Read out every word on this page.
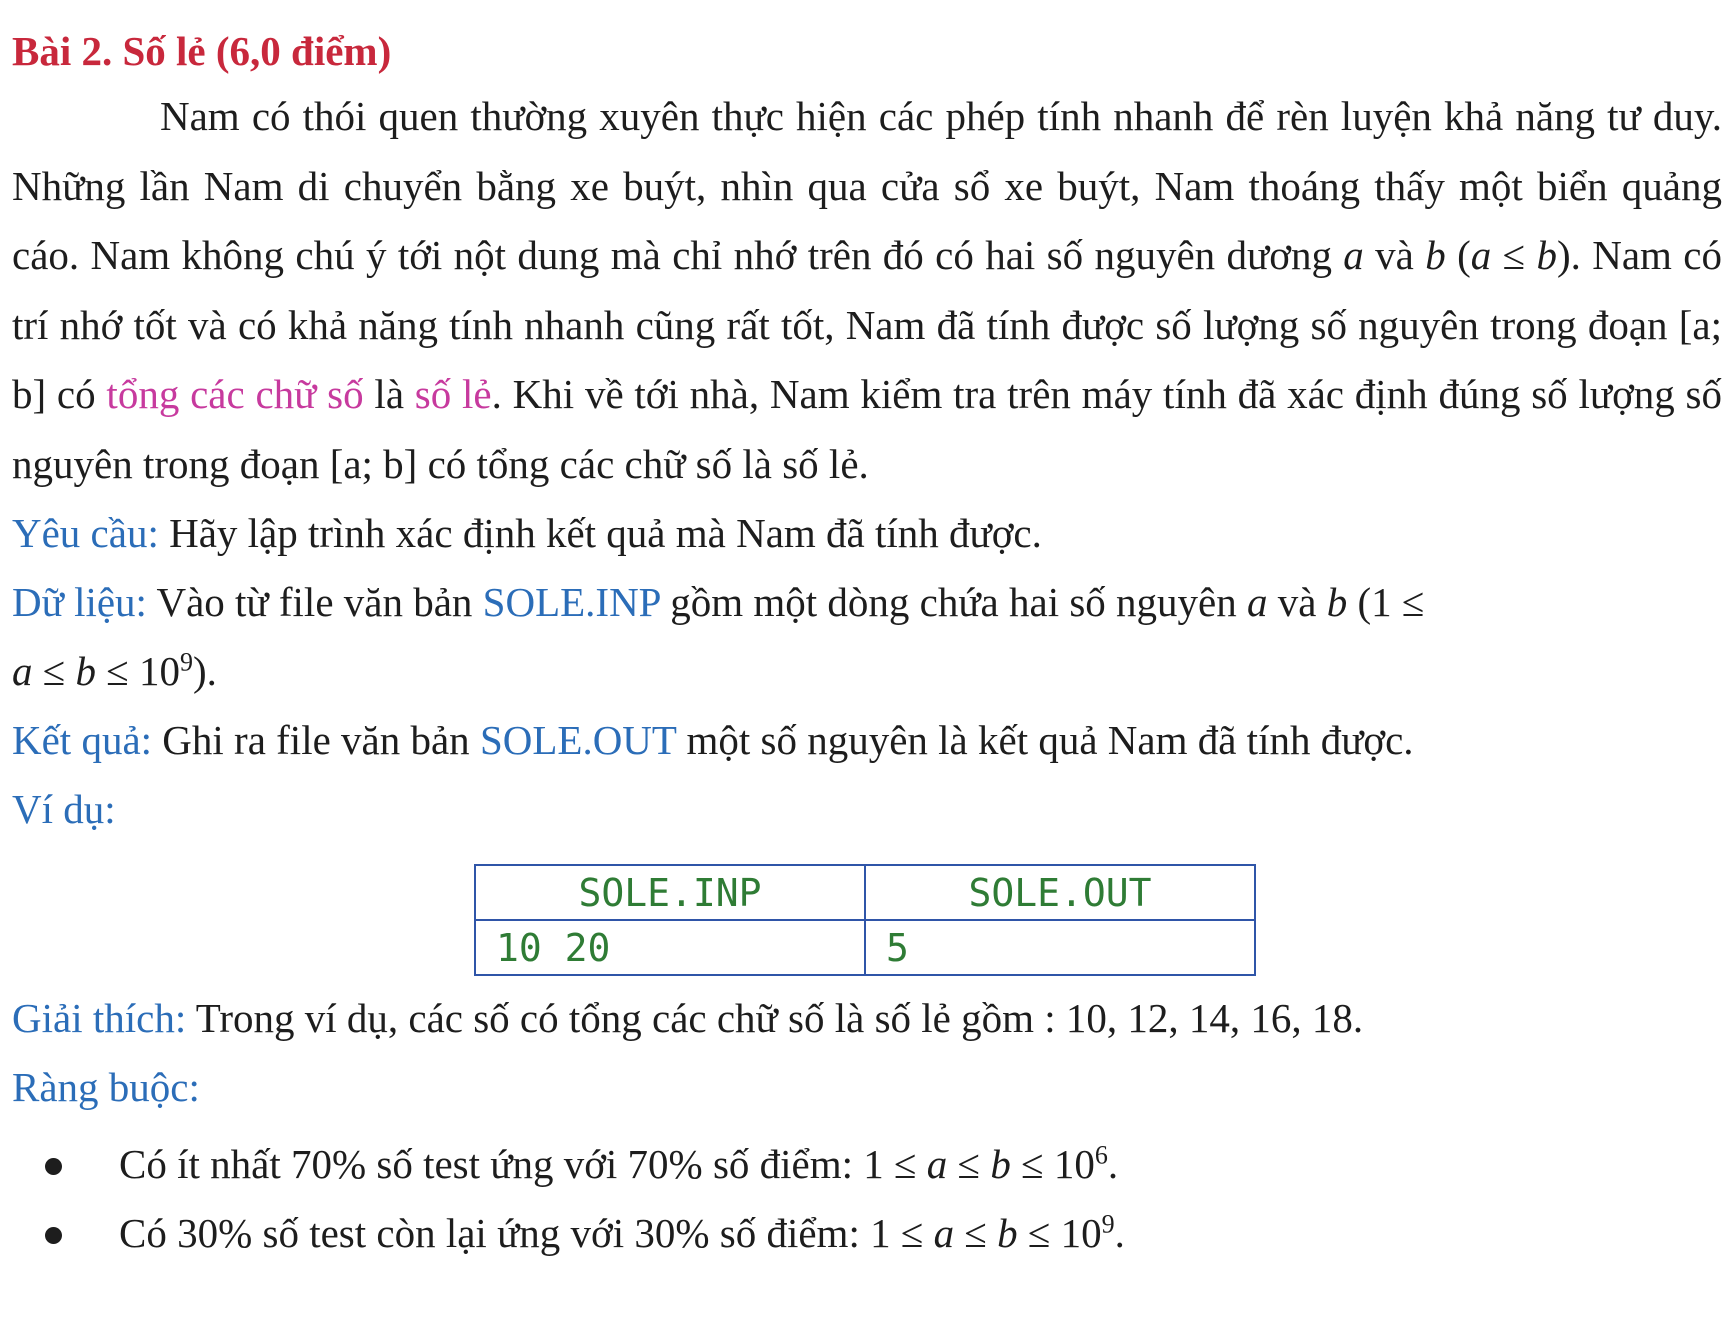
Bài 2. Số lẻ (6,0 điểm)

Nam có thói quen thường xuyên thực hiện các phép tính nhanh để rèn luyện khả năng tư duy. Những lần Nam di chuyển bằng xe buýt, nhìn qua cửa sổ xe buýt, Nam thoáng thấy một biển quảng cáo. Nam không chú ý tới nột dung mà chỉ nhớ trên đó có hai số nguyên dương a và b (a ≤ b). Nam có trí nhớ tốt và có khả năng tính nhanh cũng rất tốt, Nam đã tính được số lượng số nguyên trong đoạn [a; b] có tổng các chữ số là số lẻ. Khi về tới nhà, Nam kiểm tra trên máy tính đã xác định đúng số lượng số nguyên trong đoạn [a; b] có tổng các chữ số là số lẻ.

Yêu cầu: Hãy lập trình xác định kết quả mà Nam đã tính được.

Dữ liệu: Vào từ file văn bản SOLE.INP gồm một dòng chứa hai số nguyên a và b (1 ≤

$a \le b \le 10^9$).

Kết quả: Ghi ra file văn bản SOLE.OUT một số nguyên là kết quả Nam đã tính được.

Ví dụ:

SOLE.INP	SOLE.OUT
10 20	5

Giải thích: Trong ví dụ, các số có tổng các chữ số là số lẻ gồm : 10, 12, 14, 16, 18.

Ràng buộc:

Có ít nhất 70% số test ứng với 70% số điểm: $1 \le a \le b \le 10^6$.
Có 30% số test còn lại ứng với 30% số điểm: $1 \le a \le b \le 10^9$.
